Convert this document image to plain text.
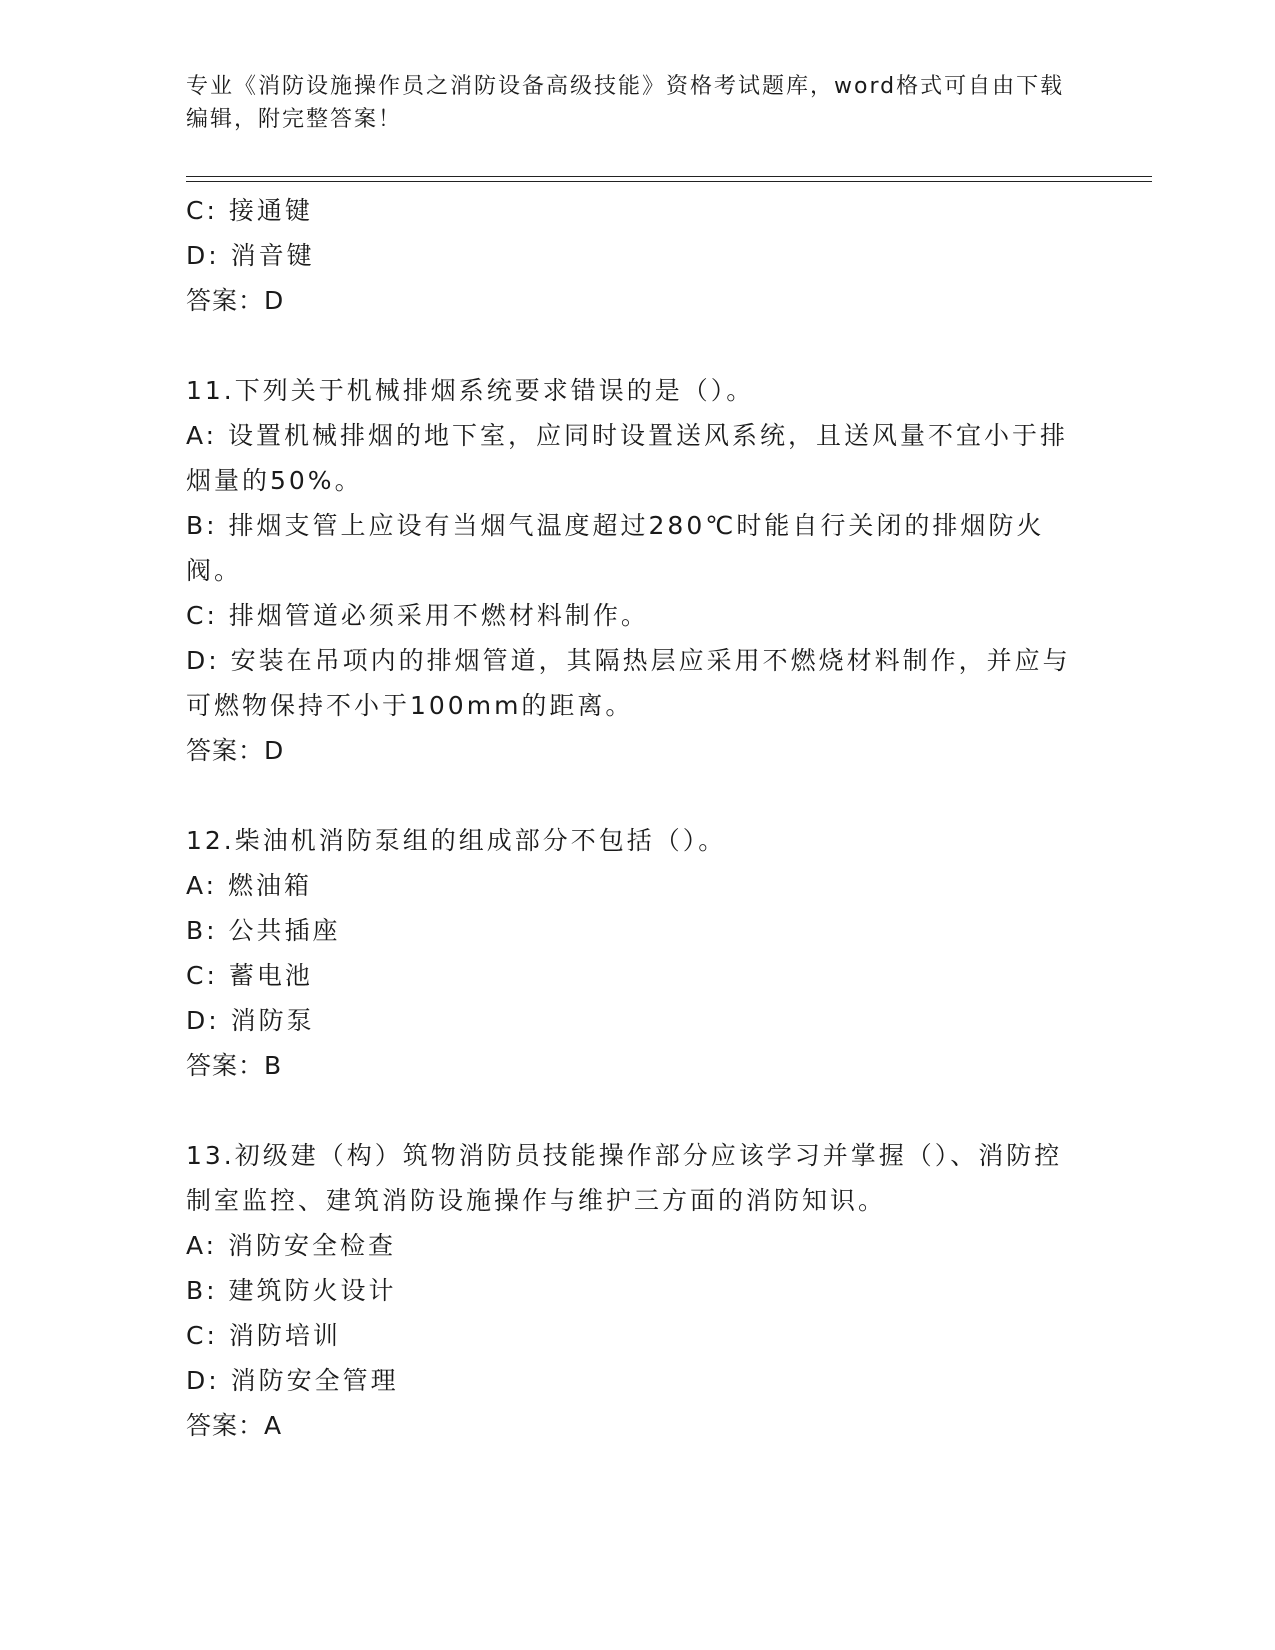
专业《消防设施操作员之消防设备高级技能》资格考试题库，word格式可自由下载编辑，附完整答案！
C: 接通键
D: 消音键
答案：D
11.下列关于机械排烟系统要求错误的是（）。
A: 设置机械排烟的地下室，应同时设置送风系统，且送风量不宜小于排烟量的50%。
B: 排烟支管上应设有当烟气温度超过280℃时能自行关闭的排烟防火阀。
C: 排烟管道必须采用不燃材料制作。
D: 安装在吊项内的排烟管道，其隔热层应采用不燃烧材料制作，并应与可燃物保持不小于100mm的距离。
答案：D
12.柴油机消防泵组的组成部分不包括（）。
A: 燃油箱
B: 公共插座
C: 蓄电池
D: 消防泵
答案：B
13.初级建（构）筑物消防员技能操作部分应该学习并掌握（）、消防控制室监控、建筑消防设施操作与维护三方面的消防知识。
A: 消防安全检查
B: 建筑防火设计
C: 消防培训
D: 消防安全管理
答案：A
